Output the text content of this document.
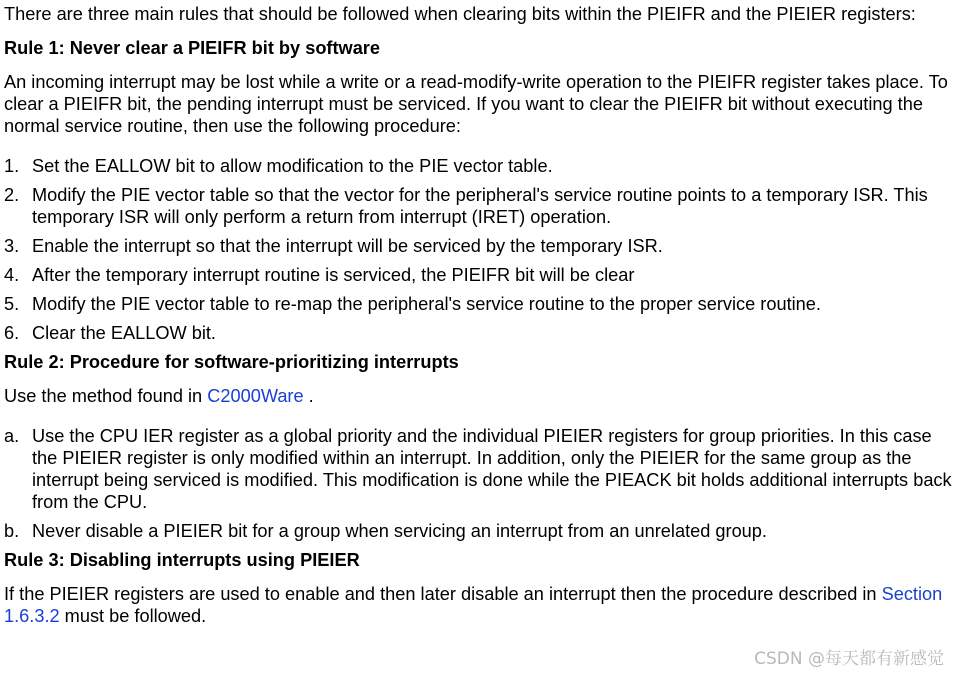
There are three main rules that should be followed when clearing bits within the PIEIFR and the PIEIER registers:

Rule 1: Never clear a PIEIFR bit by software

An incoming interrupt may be lost while a write or a read-modify-write operation to the PIEIFR register takes place. To clear a PIEIFR bit, the pending interrupt must be serviced. If you want to clear the PIEIFR bit without executing the normal service routine, then use the following procedure:

1. Set the EALLOW bit to allow modification to the PIE vector table.
2. Modify the PIE vector table so that the vector for the peripheral's service routine points to a temporary ISR. This temporary ISR will only perform a return from interrupt (IRET) operation.
3. Enable the interrupt so that the interrupt will be serviced by the temporary ISR.
4. After the temporary interrupt routine is serviced, the PIEIFR bit will be clear
5. Modify the PIE vector table to re-map the peripheral's service routine to the proper service routine.
6. Clear the EALLOW bit.
Rule 2: Procedure for software-prioritizing interrupts

Use the method found in C2000Ware .

a. Use the CPU IER register as a global priority and the individual PIEIER registers for group priorities. In this case the PIEIER register is only modified within an interrupt. In addition, only the PIEIER for the same group as the interrupt being serviced is modified. This modification is done while the PIEACK bit holds additional interrupts back from the CPU.
b. Never disable a PIEIER bit for a group when servicing an interrupt from an unrelated group.
Rule 3: Disabling interrupts using PIEIER

If the PIEIER registers are used to enable and then later disable an interrupt then the procedure described in Section 1.6.3.2 must be followed.

CSDN @每天都有新感觉
